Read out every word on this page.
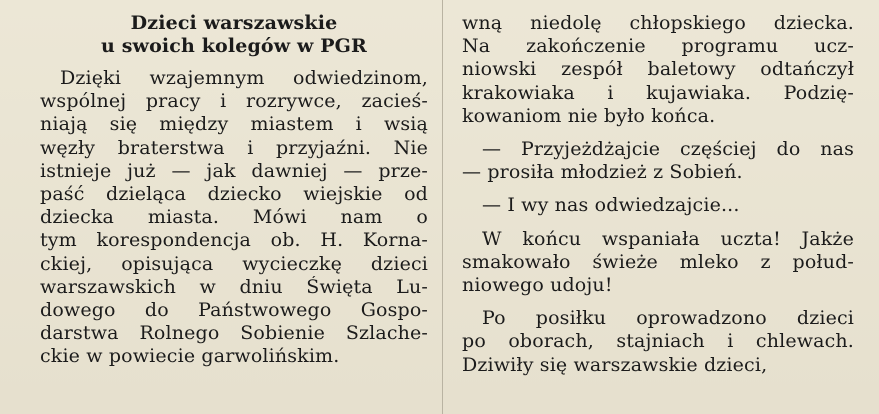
Dzieci warszawskie
u swoich kolegów w PGR
Dzięki wzajemnym odwiedzinom,
wspólnej pracy i rozrywce, zacieś-
niają się między miastem i wsią
węzły braterstwa i przyjaźni. Nie
istnieje już — jak dawniej — prze-
paść dzieląca dziecko wiejskie od
dziecka miasta. Mówi nam o
tym korespondencja ob. H. Korna-
ckiej, opisująca wycieczkę dzieci
warszawskich w dniu Święta Lu-
dowego do Państwowego Gospo-
darstwa Rolnego Sobienie Szlache-
ckie w powiecie garwolińskim.
wną niedolę chłopskiego dziecka.
Na zakończenie programu ucz-
niowski zespół baletowy odtańczył
krakowiaka i kujawiaka. Podzię-
kowaniom nie było końca.
— Przyjeżdżajcie częściej do nas
— prosiła młodzież z Sobień.
— I wy nas odwiedzajcie...
W końcu wspaniała uczta! Jakże
smakowało świeże mleko z połud-
niowego udoju!
Po posiłku oprowadzono dzieci
po oborach, stajniach i chlewach.
Dziwiły się warszawskie dzieci,
